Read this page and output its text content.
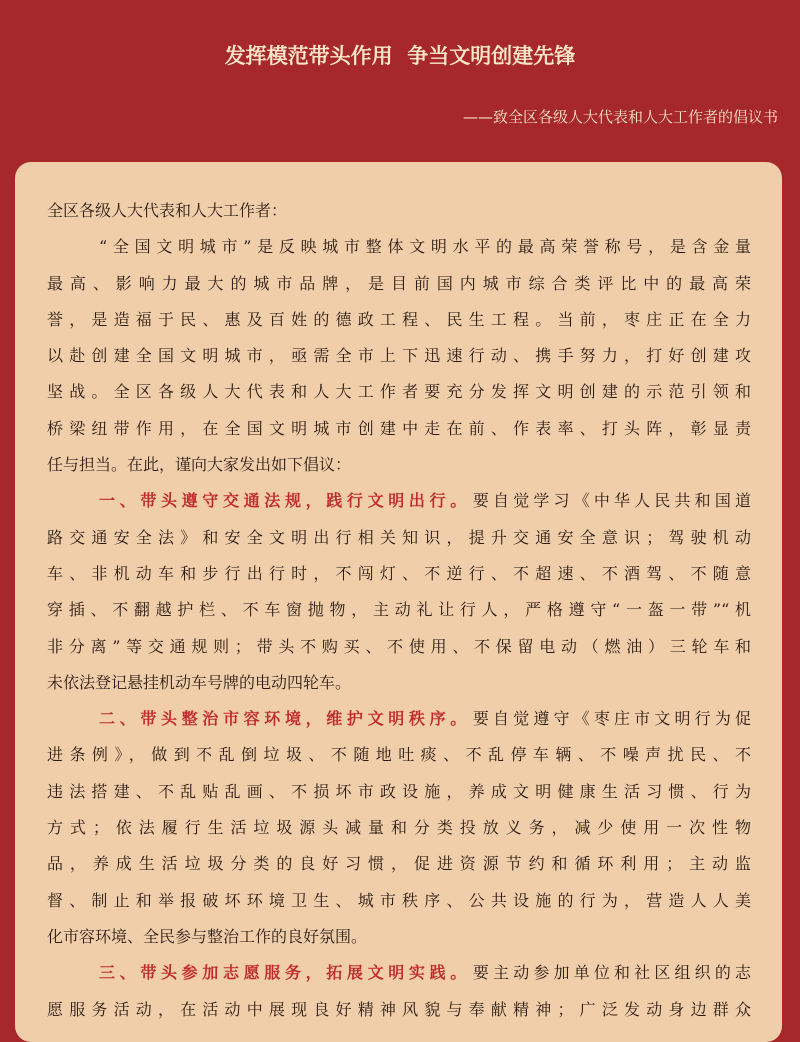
发挥模范带头作用  争当文明创建先锋
——致全区各级人大代表和人大工作者的倡议书
全区各级人大代表和人大工作者：
“全国文明城市”是反映城市整体文明水平的最高荣誉称号，是含金量
最高、影响力最大的城市品牌，是目前国内城市综合类评比中的最高荣
誉，是造福于民、惠及百姓的德政工程、民生工程。当前，枣庄正在全力
以赴创建全国文明城市，亟需全市上下迅速行动、携手努力，打好创建攻
坚战。全区各级人大代表和人大工作者要充分发挥文明创建的示范引领和
桥梁纽带作用，在全国文明城市创建中走在前、作表率、打头阵，彰显责
任与担当。在此，谨向大家发出如下倡议：
一、带头遵守交通法规，践行文明出行。 要自觉学习《中华人民共和国道
路交通安全法》和安全文明出行相关知识，提升交通安全意识；驾驶机动
车、非机动车和步行出行时，不闯灯、不逆行、不超速、不酒驾、不随意
穿插、不翻越护栏、不车窗抛物，主动礼让行人，严格遵守“一盔一带”“机
非分离”等交通规则；带头不购买、不使用、不保留电动（燃油）三轮车和
未依法登记悬挂机动车号牌的电动四轮车。
二、带头整治市容环境，维护文明秩序。 要自觉遵守《枣庄市文明行为促
进条例》，做到不乱倒垃圾、不随地吐痰、不乱停车辆、不噪声扰民、不
违法搭建、不乱贴乱画、不损坏市政设施，养成文明健康生活习惯、行为
方式；依法履行生活垃圾源头减量和分类投放义务，减少使用一次性物
品，养成生活垃圾分类的良好习惯，促进资源节约和循环利用；主动监
督、制止和举报破坏环境卫生、城市秩序、公共设施的行为，营造人人美
化市容环境、全民参与整治工作的良好氛围。
三、带头参加志愿服务，拓展文明实践。 要主动参加单位和社区组织的志
愿服务活动，在活动中展现良好精神风貌与奉献精神；广泛发动身边群众
